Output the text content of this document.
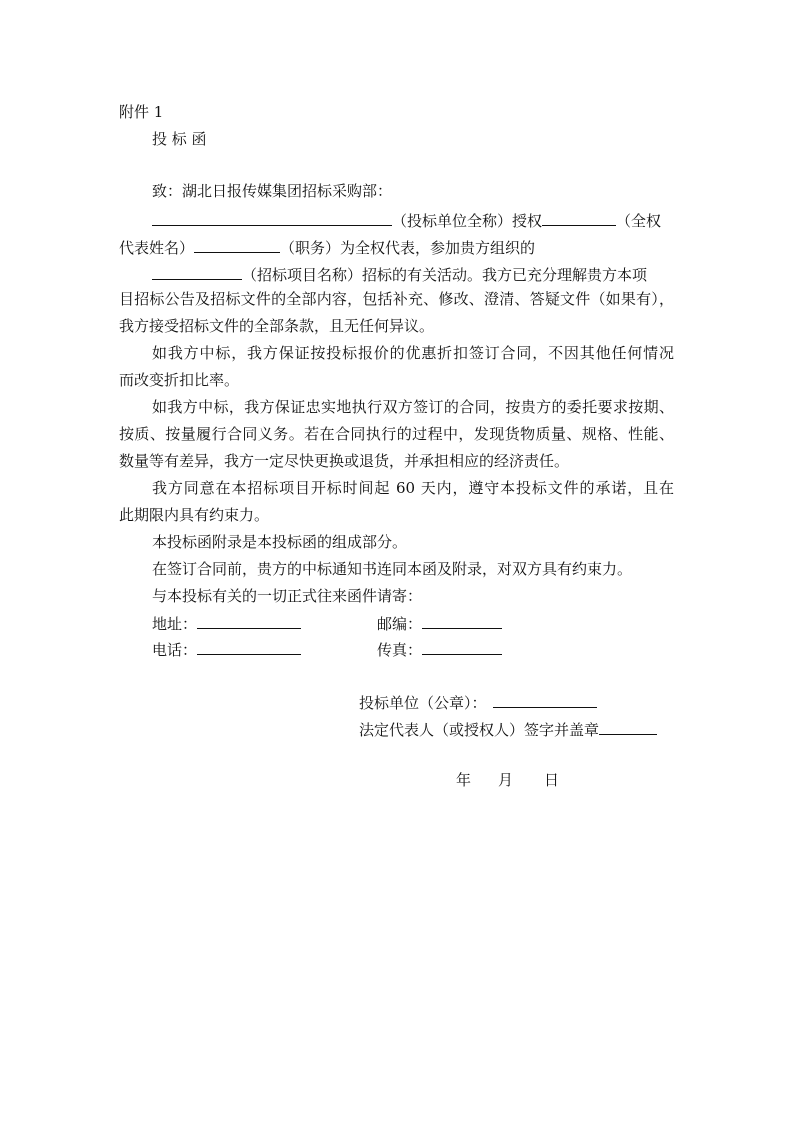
附件 1
投 标 函
致：湖北日报传媒集团招标采购部：
（投标单位全称）授权	（全权
代表姓名）	（职务）为全权代表，参加贵方组织的
（招标项目名称）招标的有关活动。我方已充分理解贵方本项
目招标公告及招标文件的全部内容，包括补充、修改、澄清、答疑文件（如果有），
我方接受招标文件的全部条款，且无任何异议。
如我方中标，我方保证按投标报价的优惠折扣签订合同，不因其他任何情况
而改变折扣比率。
如我方中标，我方保证忠实地执行双方签订的合同，按贵方的委托要求按期、
按质、按量履行合同义务。若在合同执行的过程中，发现货物质量、规格、性能、
数量等有差异，我方一定尽快更换或退货，并承担相应的经济责任。
我方同意在本招标项目开标时间起 60 天内，遵守本投标文件的承诺，且在
此期限内具有约束力。
本投标函附录是本投标函的组成部分。
在签订合同前，贵方的中标通知书连同本函及附录，对双方具有约束力。
与本投标有关的一切正式往来函件请寄：
地址：	邮编：
电话：	传真：
投标单位（公章）：
法定代表人（或授权人）签字并盖章
年 月 日
